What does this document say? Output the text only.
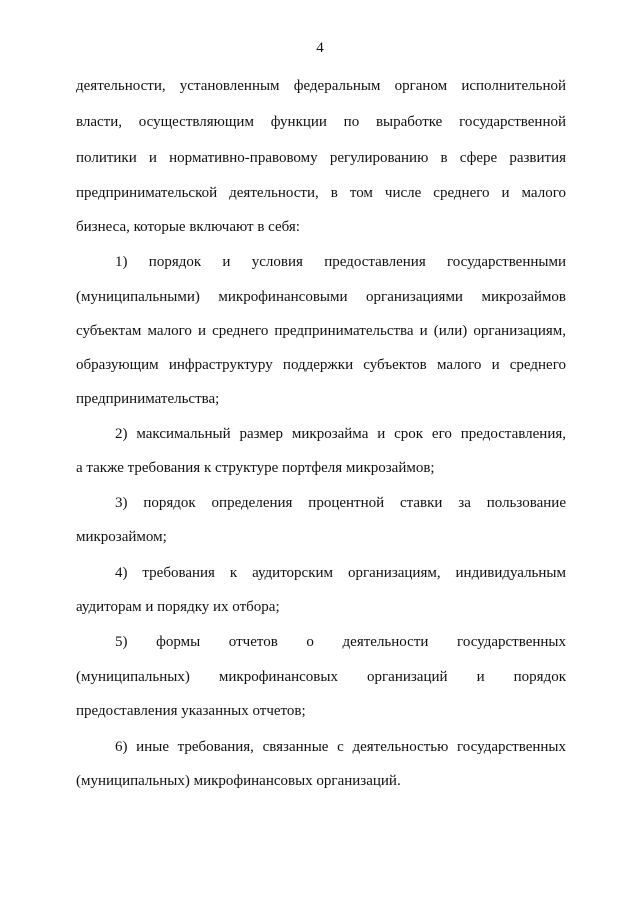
4
деятельности, установленным федеральным органом исполнительной
власти, осуществляющим функции по выработке государственной
политики и нормативно-правовому регулированию в сфере развития
предпринимательской деятельности, в том числе среднего и малого
бизнеса, которые включают в себя:
1) порядок и условия предоставления государственными
(муниципальными) микрофинансовыми организациями микрозаймов
субъектам малого и среднего предпринимательства и (или) организациям,
образующим инфраструктуру поддержки субъектов малого и среднего
предпринимательства;
2) максимальный размер микрозайма и срок его предоставления,
а также требования к структуре портфеля микрозаймов;
3) порядок определения процентной ставки за пользование
микрозаймом;
4) требования к аудиторским организациям, индивидуальным
аудиторам и порядку их отбора;
5) формы отчетов о деятельности государственных
(муниципальных) микрофинансовых организаций и порядок
предоставления указанных отчетов;
6) иные требования, связанные с деятельностью государственных
(муниципальных) микрофинансовых организаций.
